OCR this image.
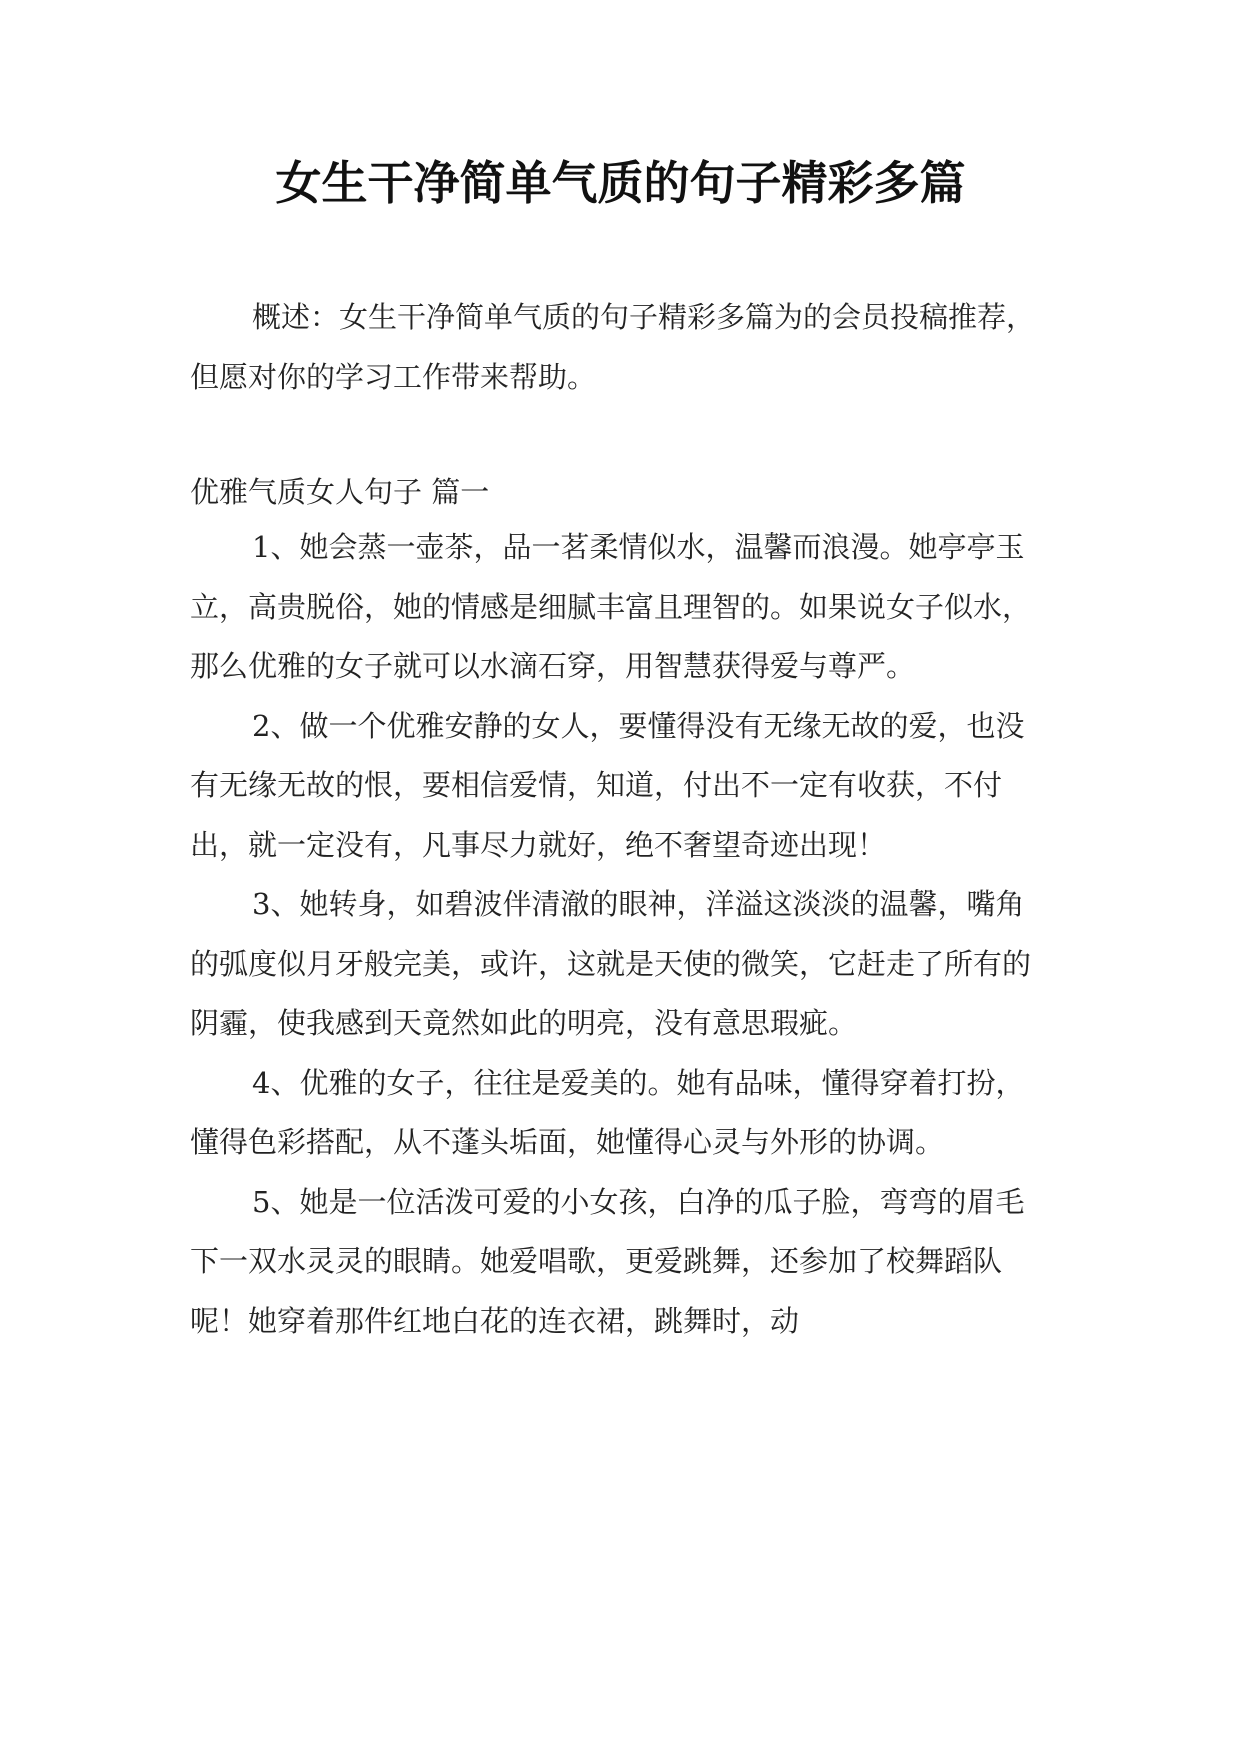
女生干净简单气质的句子精彩多篇

概述：女生干净简单气质的句子精彩多篇为的会员投稿推荐，但愿对你的学习工作带来帮助。

优雅气质女人句子 篇一

1、她会蒸一壶茶，品一茗柔情似水，温馨而浪漫。她亭亭玉立，高贵脱俗，她的情感是细腻丰富且理智的。如果说女子似水，那么优雅的女子就可以水滴石穿，用智慧获得爱与尊严。

2、做一个优雅安静的女人，要懂得没有无缘无故的爱，也没有无缘无故的恨，要相信爱情，知道，付出不一定有收获，不付出，就一定没有，凡事尽力就好，绝不奢望奇迹出现！

3、她转身，如碧波伴清澈的眼神，洋溢这淡淡的温馨，嘴角的弧度似月牙般完美，或许，这就是天使的微笑，它赶走了所有的阴霾，使我感到天竟然如此的明亮，没有意思瑕疵。

4、优雅的女子，往往是爱美的。她有品味，懂得穿着打扮，懂得色彩搭配，从不蓬头垢面，她懂得心灵与外形的协调。

5、她是一位活泼可爱的小女孩，白净的瓜子脸，弯弯的眉毛下一双水灵灵的眼睛。她爱唱歌，更爱跳舞，还参加了校舞蹈队呢！她穿着那件红地白花的连衣裙，跳舞时，动
